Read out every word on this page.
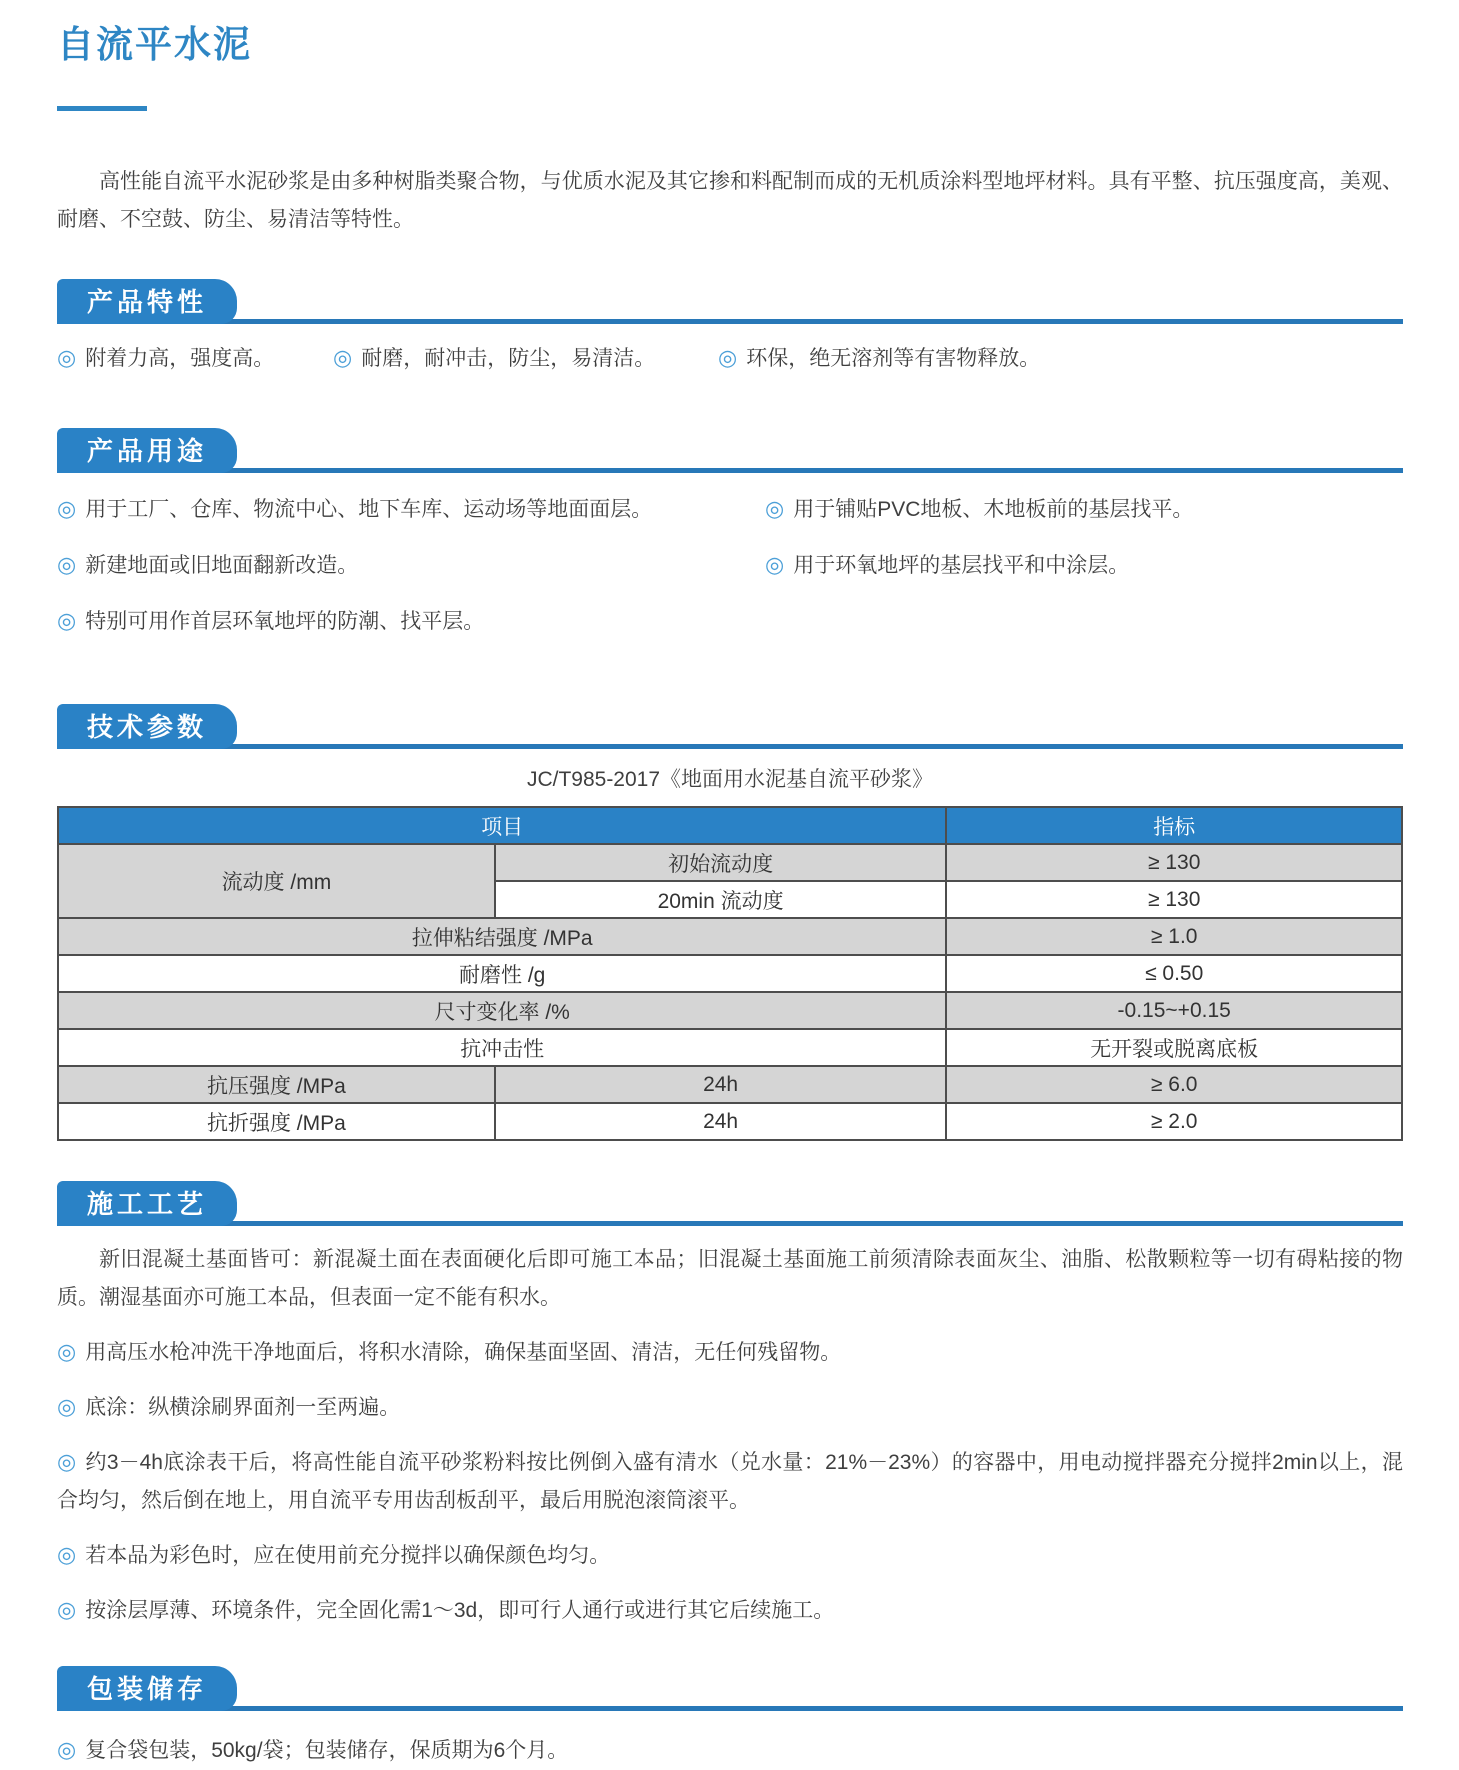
自流平水泥

高性能自流平水泥砂浆是由多种树脂类聚合物，与优质水泥及其它掺和料配制而成的无机质涂料型地坪材料。具有平整、抗压强度高，美观、耐磨、不空鼓、防尘、易清洁等特性。

产品特性

◎ 附着力高，强度高。	◎ 耐磨，耐冲击，防尘，易清洁。	◎ 环保，绝无溶剂等有害物释放。

产品用途

◎ 用于工厂、仓库、物流中心、地下车库、运动场等地面面层。

◎ 新建地面或旧地面翻新改造。

◎ 特别可用作首层环氧地坪的防潮、找平层。

◎ 用于铺贴PVC地板、木地板前的基层找平。

◎ 用于环氧地坪的基层找平和中涂层。

技术参数

JC/T985-2017《地面用水泥基自流平砂浆》

项目		指标
流动度 /mm	初始流动度	≥ 130
	20min 流动度	≥ 130
拉伸粘结强度 /MPa		≥ 1.0
耐磨性 /g		≤ 0.50
尺寸变化率 /%		-0.15~+0.15
抗冲击性		无开裂或脱离底板
抗压强度 /MPa	24h	≥ 6.0
抗折强度 /MPa	24h	≥ 2.0
施工工艺

新旧混凝土基面皆可：新混凝土面在表面硬化后即可施工本品；旧混凝土基面施工前须清除表面灰尘、油脂、松散颗粒等一切有碍粘接的物质。潮湿基面亦可施工本品，但表面一定不能有积水。

◎ 用高压水枪冲洗干净地面后，将积水清除，确保基面坚固、清洁，无任何残留物。

◎ 底涂：纵横涂刷界面剂一至两遍。

◎ 约3－4h底涂表干后，将高性能自流平砂浆粉料按比例倒入盛有清水（兑水量：21%－23%）的容器中，用电动搅拌器充分搅拌2min以上，混合均匀，然后倒在地上，用自流平专用齿刮板刮平，最后用脱泡滚筒滚平。

◎ 若本品为彩色时，应在使用前充分搅拌以确保颜色均匀。

◎ 按涂层厚薄、环境条件，完全固化需1～3d，即可行人通行或进行其它后续施工。

包装储存

◎ 复合袋包装，50kg/袋；包装储存，保质期为6个月。
